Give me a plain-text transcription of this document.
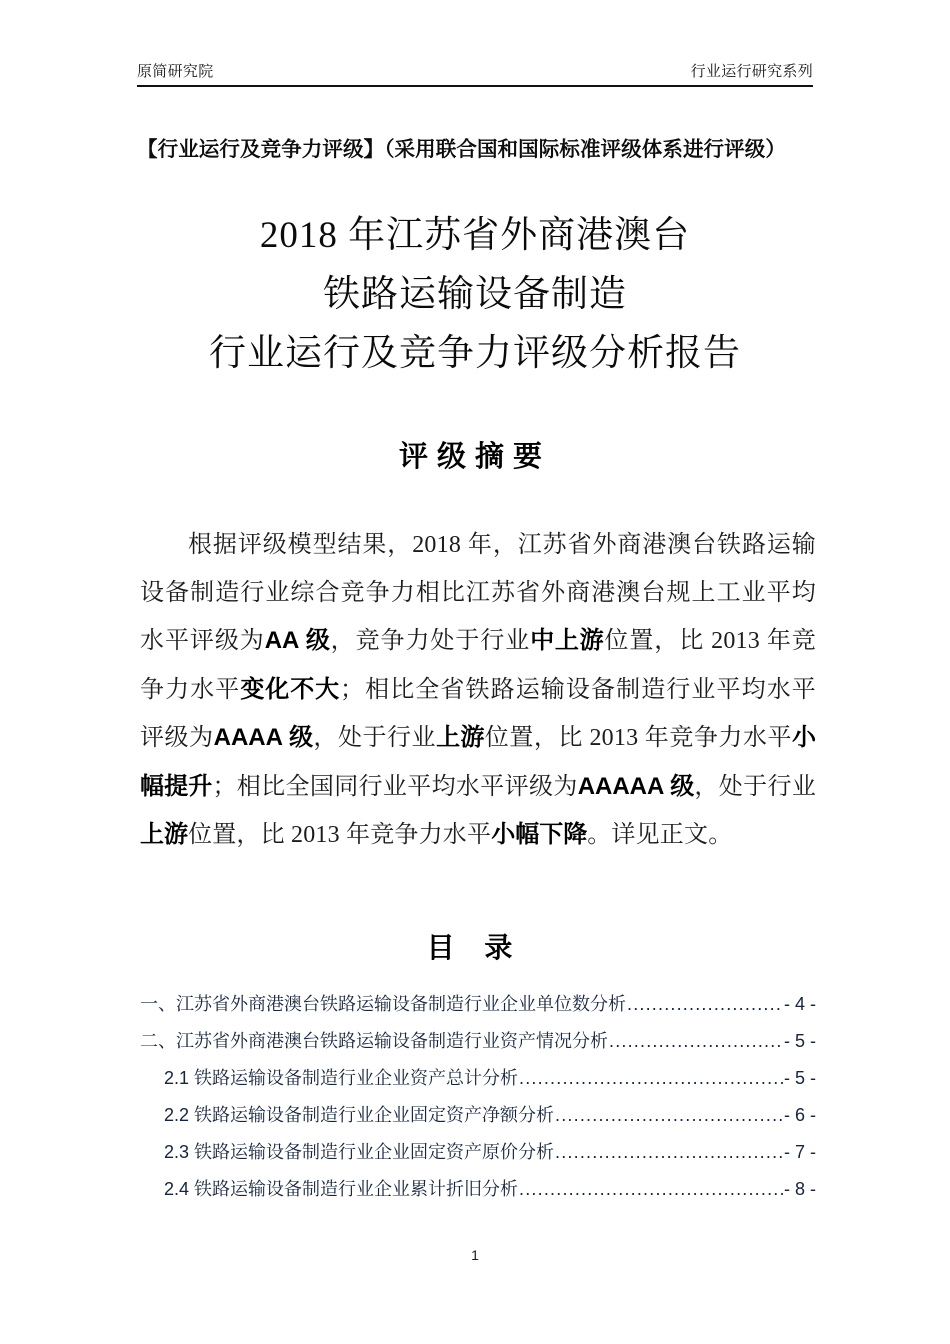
原简研究院	行业运行研究系列
【行业运行及竞争力评级】（采用联合国和国际标准评级体系进行评级）
2018 年江苏省外商港澳台
铁路运输设备制造
行业运行及竞争力评级分析报告
评级摘要

根据评级模型结果，2018 年，江苏省外商港澳台铁路运输设备制造行业综合竞争力相比江苏省外商港澳台规上工业平均水平评级为AA 级，竞争力处于行业中上游位置，比 2013 年竞争力水平变化不大；相比全省铁路运输设备制造行业平均水平评级为AAAA 级，处于行业上游位置，比 2013 年竞争力水平小幅提升；相比全国同行业平均水平评级为AAAAA 级，处于行业上游位置，比 2013 年竞争力水平小幅下降。详见正文。

目 录
一、江苏省外商港澳台铁路运输设备制造行业企业单位数分析 .....	- 4 -
二、江苏省外商港澳台铁路运输设备制造行业资产情况分析 .....	- 5 -
2.1 铁路运输设备制造行业企业资产总计分析 .....	- 5 -
2.2 铁路运输设备制造行业企业固定资产净额分析 .....	- 6 -
2.3 铁路运输设备制造行业企业固定资产原价分析 .....	- 7 -
2.4 铁路运输设备制造行业企业累计折旧分析 .....	- 8 -
1
